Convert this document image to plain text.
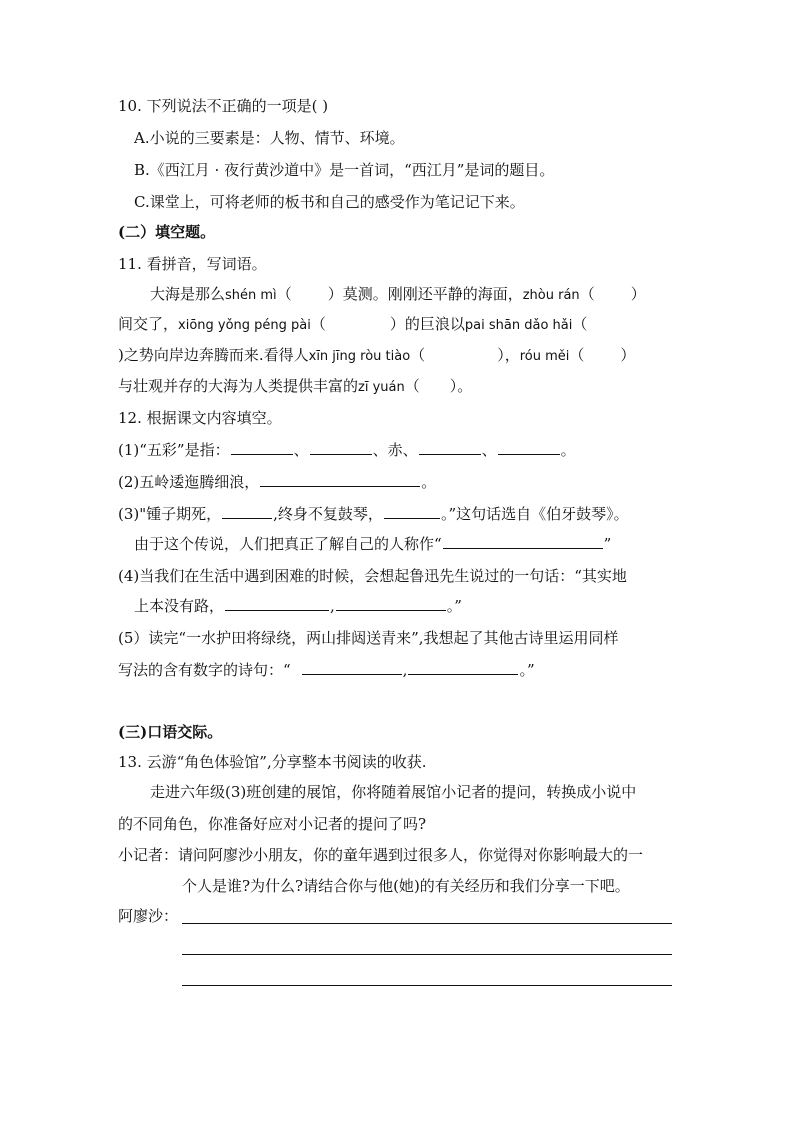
10. 下列说法不正确的一项是( )
A.小说的三要素是：人物、情节、环境。
B.《西江月 · 夜行黄沙道中》是一首词，“西江月”是词的题目。
C.课堂上，可将老师的板书和自己的感受作为笔记记下来。
(二）填空题。
11. 看拼音，写词语。
大海是那么shén mì（ ）莫测。刚刚还平静的海面，zhòu rán（ ）
间交了，xiōng yǒng péng pài（	）的巨浪以pai shān dǎo hǎi（
)之势向岸边奔腾而来.看得人xīn jīng ròu tiào（	），róu měi（ ）
与壮观并存的大海为人类提供丰富的zī yuán（ ）。
12. 根据课文内容填空。
(1)“五彩”是指：	、	、赤、	、	。
(2)五岭逶迤腾细浪，	。
(3)"锺子期死，	,终身不复鼓琴，	。”这句话选自《伯牙鼓琴》。
由于这个传说，人们把真正了解自己的人称作“	”
(4)当我们在生活中遇到困难的时候，会想起鲁迅先生说过的一句话：“其实地
上本没有路，	,	。”
(5）读完“一水护田将绿绕，两山排闼送青来”,我想起了其他古诗里运用同样
写法的含有数字的诗句：“	,	。”
(三)口语交际。
13. 云游“角色体验馆”,分享整本书阅读的收获.
走进六年级(3)班创建的展馆，你将随着展馆小记者的提问，转换成小说中
的不同角色，你准备好应对小记者的提问了吗?
小记者：请问阿廖沙小朋友，你的童年遇到过很多人，你觉得对你影响最大的一
个人是谁?为什么?请结合你与他(她)的有关经历和我们分享一下吧。
阿廖沙：
